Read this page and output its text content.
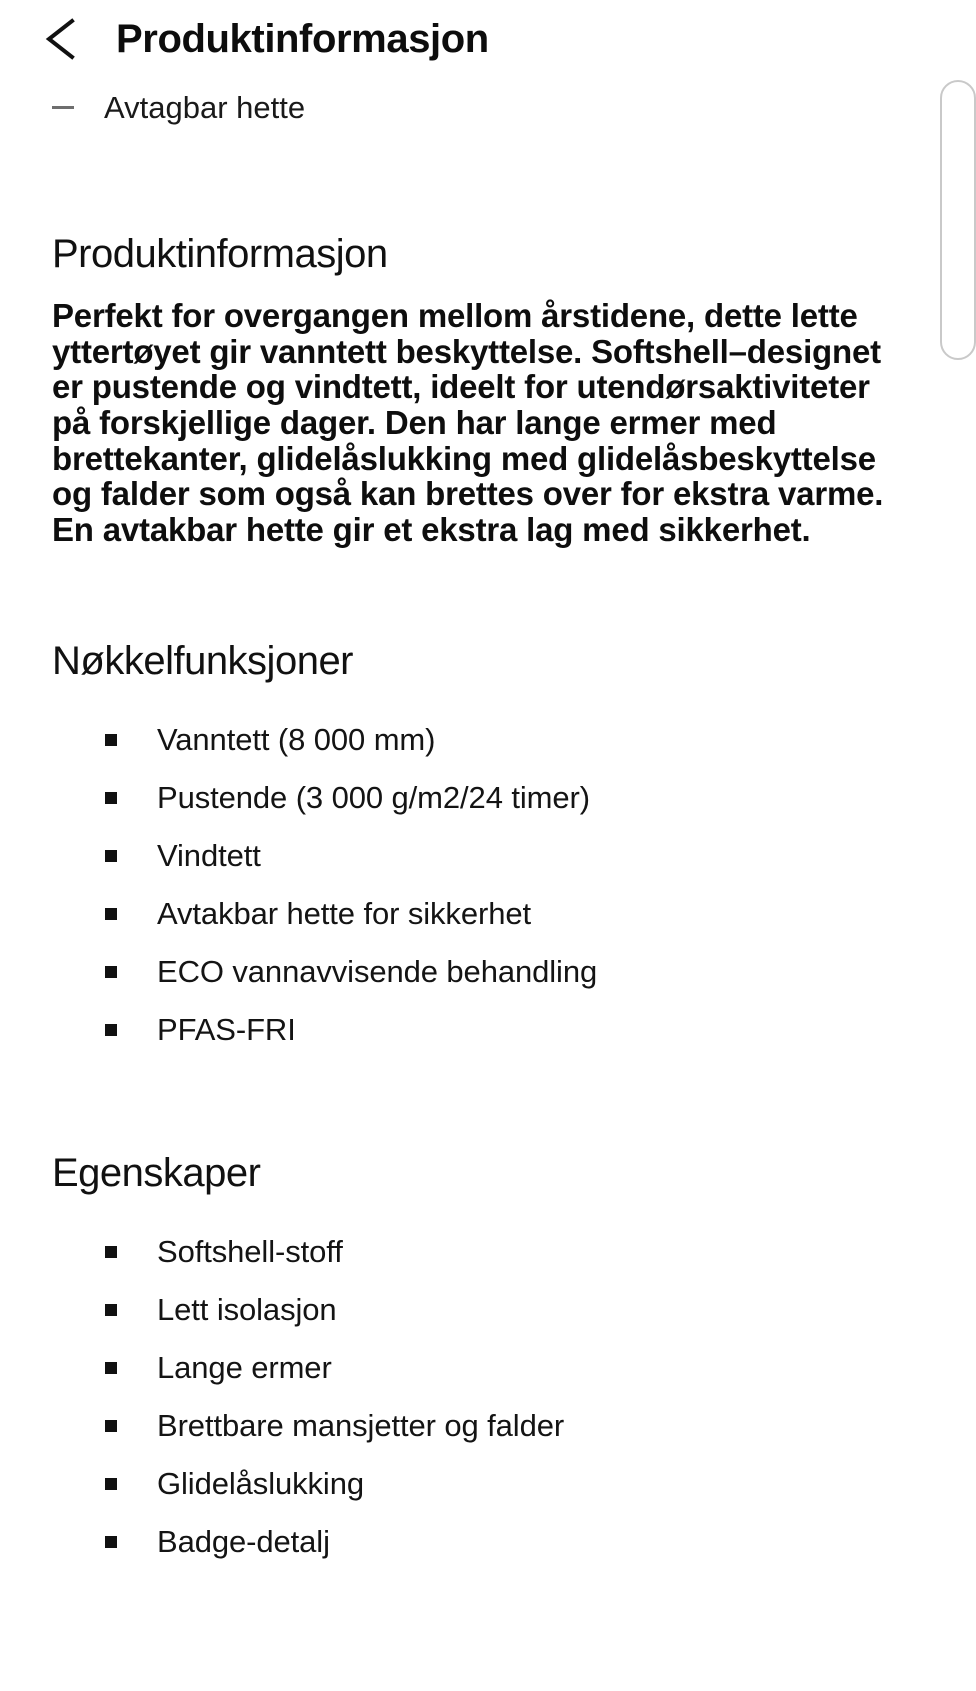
Avtagbar hette
Produktinformasjon

Perfekt for overgangen mellom årstidene, dette lette yttertøyet gir vanntett beskyttelse. Softshell–designet er pustende og vindtett, ideelt for utendørsaktiviteter på forskjellige dager. Den har lange ermer med brettekanter, glidelåslukking med glidelåsbeskyttelse og falder som også kan brettes over for ekstra varme. En avtakbar hette gir et ekstra lag med sikkerhet.

Nøkkelfunksjoner
Vanntett (8 000 mm)
Pustende (3 000 g/m2/24 timer)
Vindtett
Avtakbar hette for sikkerhet
ECO vannavvisende behandling
PFAS-FRI
Egenskaper
Softshell-stoff
Lett isolasjon
Lange ermer
Brettbare mansjetter og falder
Glidelåslukking
Badge-detalj
Produktinformasjon
